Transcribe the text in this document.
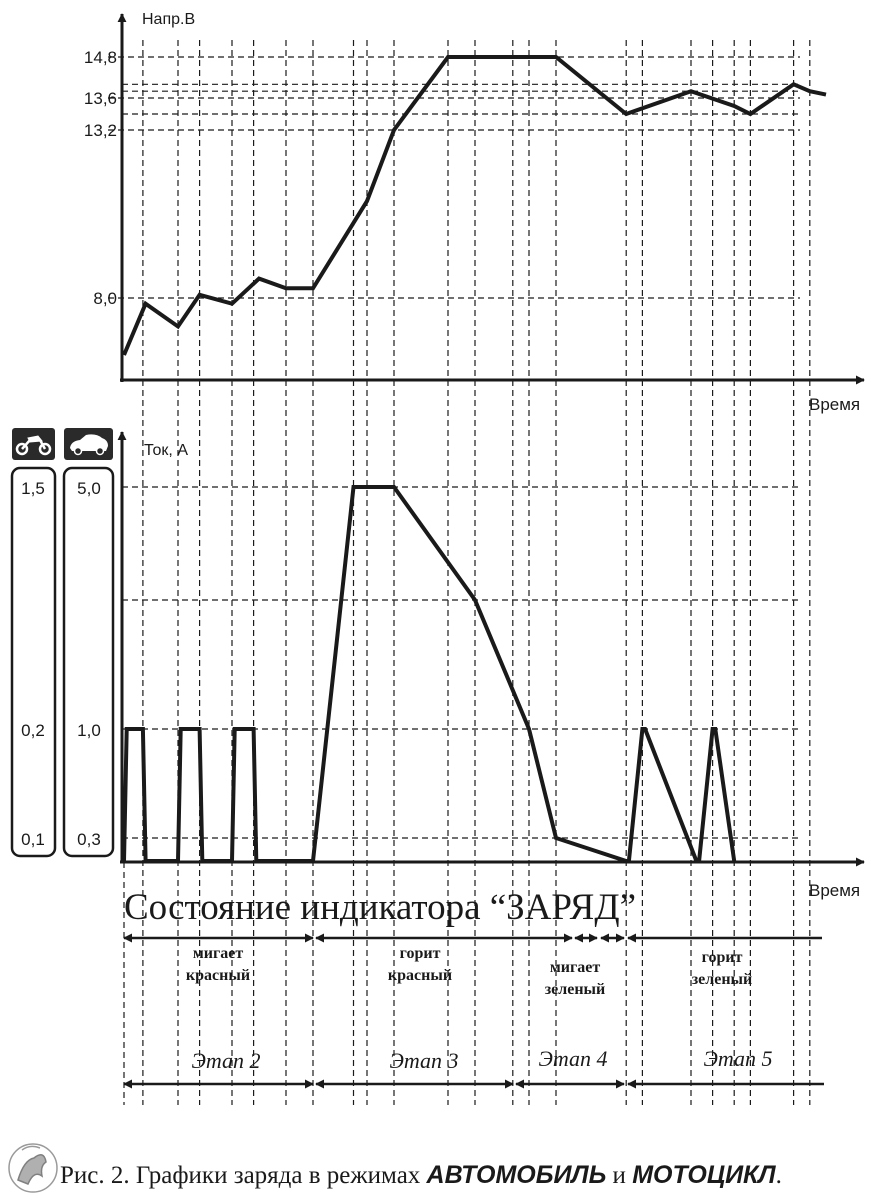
Напр.В
Время
14,8
13,6
13,2
8,0
Ток, А
Время
1,5
0,2
0,1
5,0
1,0
0,3
Состояние индикатора “ЗАРЯД”
мигает
красный
горит
красный	мигает
зеленый
горит
зеленый
Этап 2	Этап 3	Этап 4	Этап 5
Рис. 2. Графики заряда в режимах АВТОМОБИЛЬ и МОТОЦИКЛ.
